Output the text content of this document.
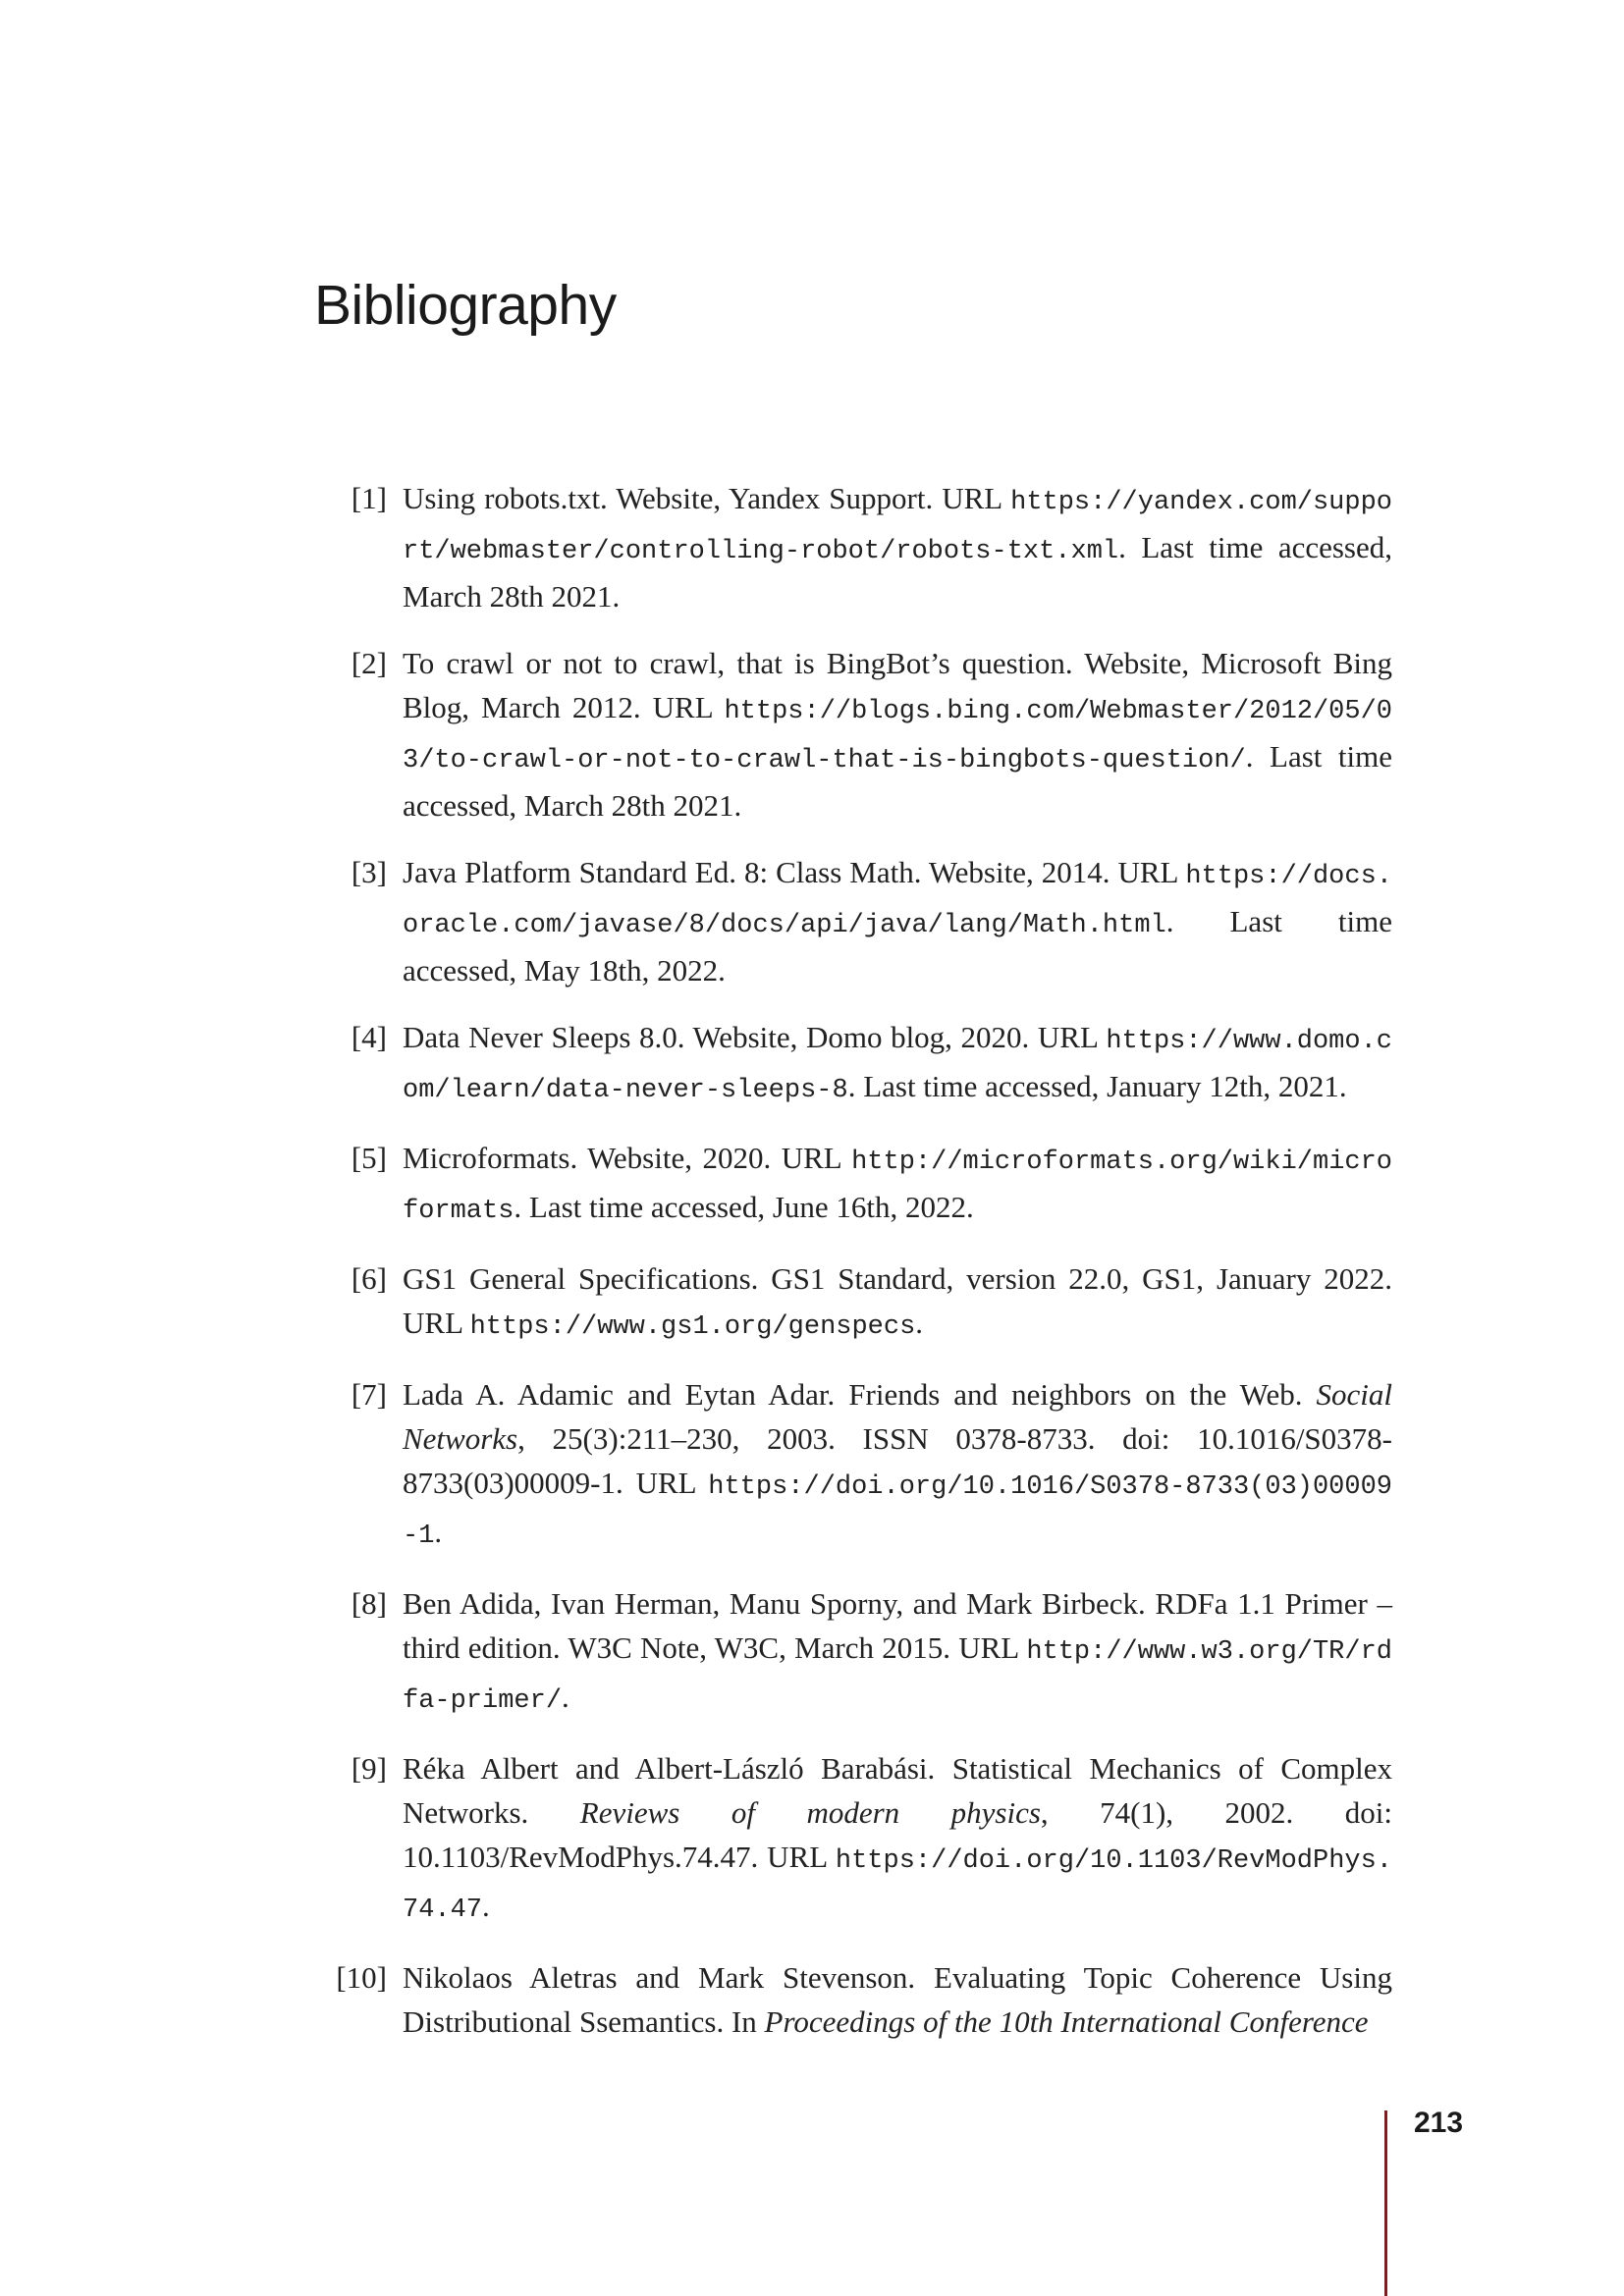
Bibliography
[1] Using robots.txt. Website, Yandex Support. URL https://yandex.com/support/webmaster/controlling-robot/robots-txt.xml. Last time accessed, March 28th 2021.
[2] To crawl or not to crawl, that is BingBot’s question. Website, Microsoft Bing Blog, March 2012. URL https://blogs.bing.com/Webmaster/2012/05/03/to-crawl-or-not-to-crawl-that-is-bingbots-question/. Last time accessed, March 28th 2021.
[3] Java Platform Standard Ed. 8: Class Math. Website, 2014. URL https://docs.oracle.com/javase/8/docs/api/java/lang/Math.html. Last time accessed, May 18th, 2022.
[4] Data Never Sleeps 8.0. Website, Domo blog, 2020. URL https://www.domo.com/learn/data-never-sleeps-8. Last time accessed, January 12th, 2021.
[5] Microformats. Website, 2020. URL http://microformats.org/wiki/microformats. Last time accessed, June 16th, 2022.
[6] GS1 General Specifications. GS1 Standard, version 22.0, GS1, January 2022. URL https://www.gs1.org/genspecs.
[7] Lada A. Adamic and Eytan Adar. Friends and neighbors on the Web. Social Networks, 25(3):211–230, 2003. ISSN 0378-8733. doi: 10.1016/S0378-8733(03)00009-1. URL https://doi.org/10.1016/S0378-8733(03)00009-1.
[8] Ben Adida, Ivan Herman, Manu Sporny, and Mark Birbeck. RDFa 1.1 Primer – third edition. W3C Note, W3C, March 2015. URL http://www.w3.org/TR/rdfa-primer/.
[9] Réka Albert and Albert-László Barabási. Statistical Mechanics of Complex Networks. Reviews of modern physics, 74(1), 2002. doi: 10.1103/RevModPhys.74.47. URL https://doi.org/10.1103/RevModPhys.74.47.
[10] Nikolaos Aletras and Mark Stevenson. Evaluating Topic Coherence Using Distributional Ssemantics. In Proceedings of the 10th International Conference
213
